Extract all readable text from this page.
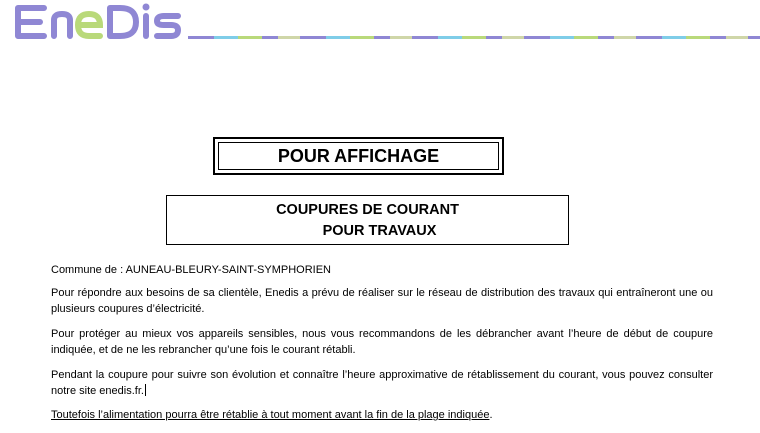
POUR AFFICHAGE
COUPURES DE COURANT
POUR TRAVAUX

Commune de : AUNEAU-BLEURY-SAINT-SYMPHORIEN

Pour répondre aux besoins de sa clientèle, Enedis a prévu de réaliser sur le réseau de distribution des travaux qui entraîneront une ou plusieurs coupures d’électricité.

Pour protéger au mieux vos appareils sensibles, nous vous recommandons de les débrancher avant l’heure de début de coupure indiquée, et de ne les rebrancher qu’une fois le courant rétabli.

Pendant la coupure pour suivre son évolution et connaître l’heure approximative de rétablissement du courant, vous pouvez consulter notre site enedis.fr.

Toutefois l’alimentation pourra être rétablie à tout moment avant la fin de la plage indiquée.
